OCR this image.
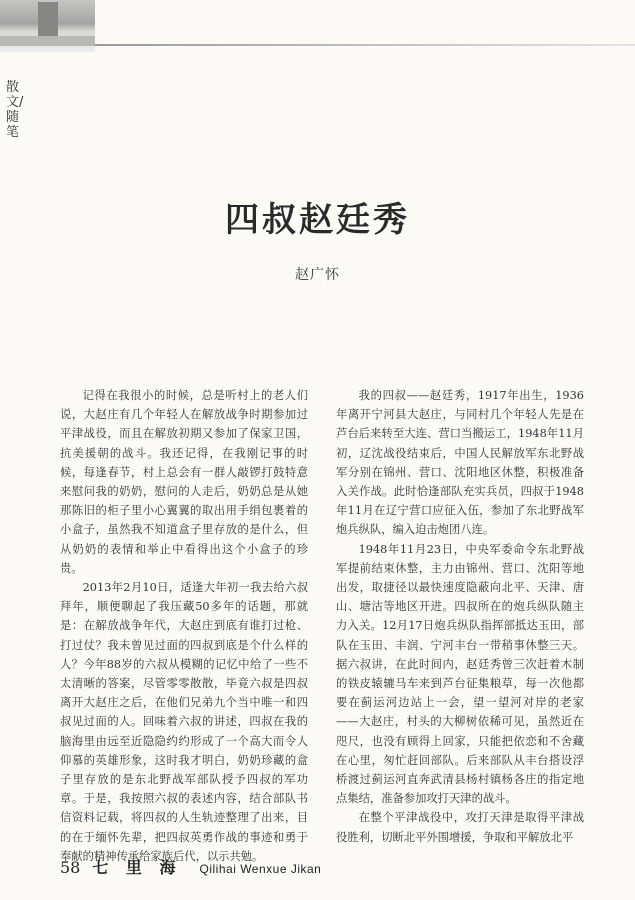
散文/随笔
四叔赵廷秀
赵广怀

记得在我很小的时候，总是听村上的老人们说，大赵庄有几个年轻人在解放战争时期参加过平津战役，而且在解放初期又参加了保家卫国，抗美援朝的战斗。我还记得，在我刚记事的时候，每逢春节，村上总会有一群人敲锣打鼓特意来慰问我的奶奶，慰问的人走后，奶奶总是从她那陈旧的柜子里小心翼翼的取出用手绢包裹着的小盒子，虽然我不知道盒子里存放的是什么，但从奶奶的表情和举止中看得出这个小盒子的珍贵。

2013年2月10日，适逢大年初一我去给六叔拜年，顺便聊起了我压藏50多年的话题，那就是：在解放战争年代，大赵庄到底有谁打过枪、打过仗？我未曾见过面的四叔到底是个什么样的人？今年88岁的六叔从模糊的记忆中给了一些不太清晰的答案，尽管零零散散，毕竟六叔是四叔离开大赵庄之后，在他们兄弟九个当中唯一和四叔见过面的人。回味着六叔的讲述，四叔在我的脑海里由远至近隐隐约约形成了一个高大而令人仰慕的英雄形象，这时我才明白，奶奶珍藏的盒子里存放的是东北野战军部队授予四叔的军功章。于是，我按照六叔的表述内容，结合部队书信资料记载，将四叔的人生轨迹整理了出来，目的在于缅怀先辈，把四叔英勇作战的事迹和勇于奉献的精神传承给家族后代，以示共勉。

我的四叔——赵廷秀，1917年出生，1936年离开宁河县大赵庄，与同村几个年轻人先是在芦台后来转至大连、营口当搬运工，1948年11月初，辽沈战役结束后，中国人民解放军东北野战军分别在锦州、营口、沈阳地区休整，积极准备入关作战。此时恰逢部队充实兵员，四叔于1948年11月在辽宁营口应征入伍，参加了东北野战军炮兵纵队，编入迫击炮团八连。

1948年11月23日，中央军委命令东北野战军提前结束休整，主力由锦州、营口、沈阳等地出发，取捷径以最快速度隐蔽向北平、天津、唐山、塘沽等地区开进。四叔所在的炮兵纵队随主力入关。12月17日炮兵纵队指挥部抵达玉田，部队在玉田、丰润、宁河丰台一带稍事休整三天。据六叔讲，在此时间内，赵廷秀曾三次赶着木制的铁皮辕辘马车来到芦台征集粮草，每一次他都要在蓟运河边站上一会，望一望河对岸的老家——大赵庄，村头的大柳树依稀可见，虽然近在咫尺，也没有顾得上回家，只能把依恋和不舍藏在心里，匆忙赶回部队。后来部队从丰台搭设浮桥渡过蓟运河直奔武清县杨村镇杨各庄的指定地点集结，准备参加攻打天津的战斗。

在整个平津战役中，攻打天津是取得平津战役胜利，切断北平外围增援，争取和平解放北平

58 七 里 海 Qilihai Wenxue Jikan
